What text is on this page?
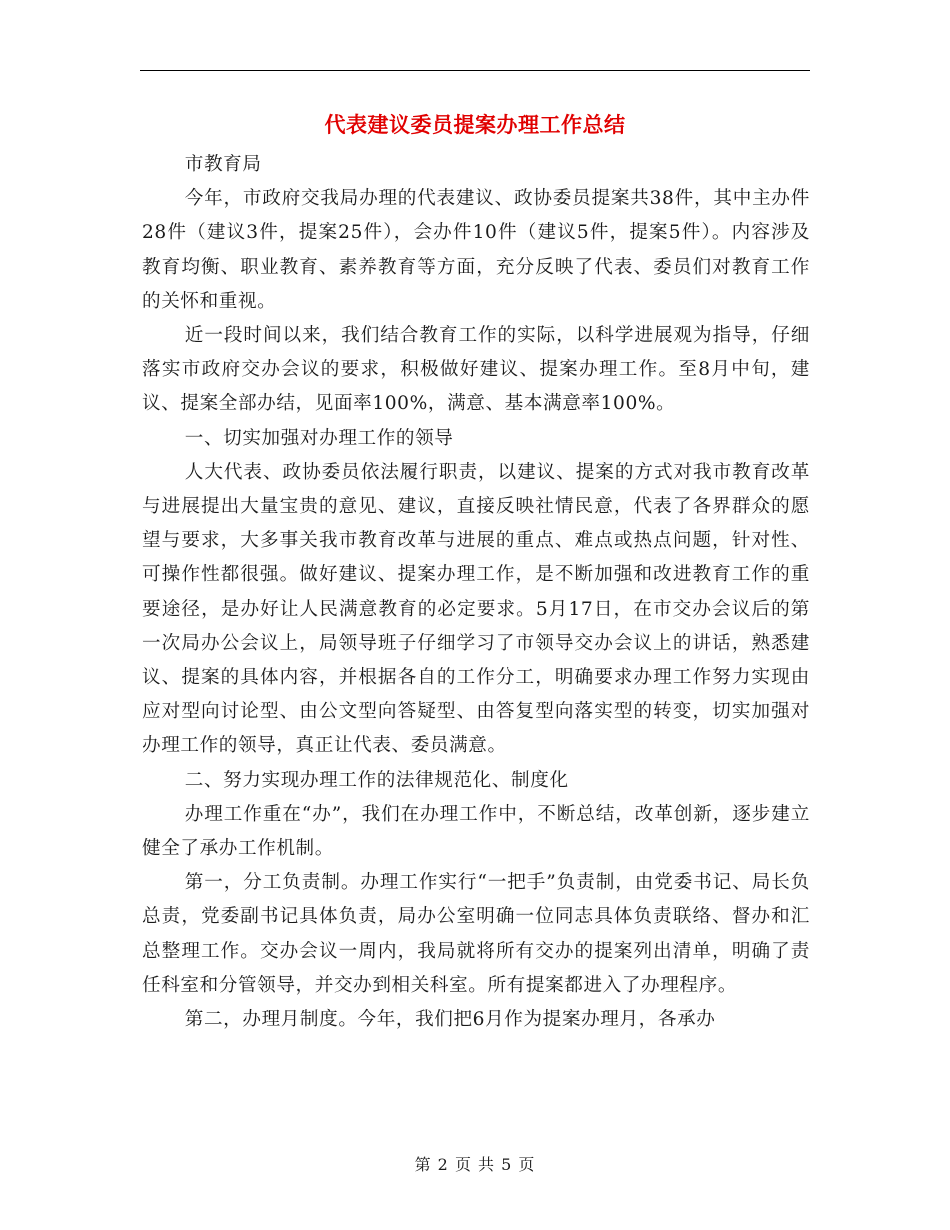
代表建议委员提案办理工作总结

市教育局

今年，市政府交我局办理的代表建议、政协委员提案共38件，其中主办件28件（建议3件，提案25件），会办件10件（建议5件，提案5件）。内容涉及教育均衡、职业教育、素养教育等方面，充分反映了代表、委员们对教育工作的关怀和重视。

近一段时间以来，我们结合教育工作的实际，以科学进展观为指导，仔细落实市政府交办会议的要求，积极做好建议、提案办理工作。至8月中旬，建议、提案全部办结，见面率100%，满意、基本满意率100%。

一、切实加强对办理工作的领导

人大代表、政协委员依法履行职责，以建议、提案的方式对我市教育改革与进展提出大量宝贵的意见、建议，直接反映社情民意，代表了各界群众的愿望与要求，大多事关我市教育改革与进展的重点、难点或热点问题，针对性、可操作性都很强。做好建议、提案办理工作，是不断加强和改进教育工作的重要途径，是办好让人民满意教育的必定要求。5月17日，在市交办会议后的第一次局办公会议上，局领导班子仔细学习了市领导交办会议上的讲话，熟悉建议、提案的具体内容，并根据各自的工作分工，明确要求办理工作努力实现由应对型向讨论型、由公文型向答疑型、由答复型向落实型的转变，切实加强对办理工作的领导，真正让代表、委员满意。

二、努力实现办理工作的法律规范化、制度化

办理工作重在“办”，我们在办理工作中，不断总结，改革创新，逐步建立健全了承办工作机制。

第一，分工负责制。办理工作实行“一把手”负责制，由党委书记、局长负总责，党委副书记具体负责，局办公室明确一位同志具体负责联络、督办和汇总整理工作。交办会议一周内，我局就将所有交办的提案列出清单，明确了责任科室和分管领导，并交办到相关科室。所有提案都进入了办理程序。

第二，办理月制度。今年，我们把6月作为提案办理月，各承办

第 2 页 共 5 页
